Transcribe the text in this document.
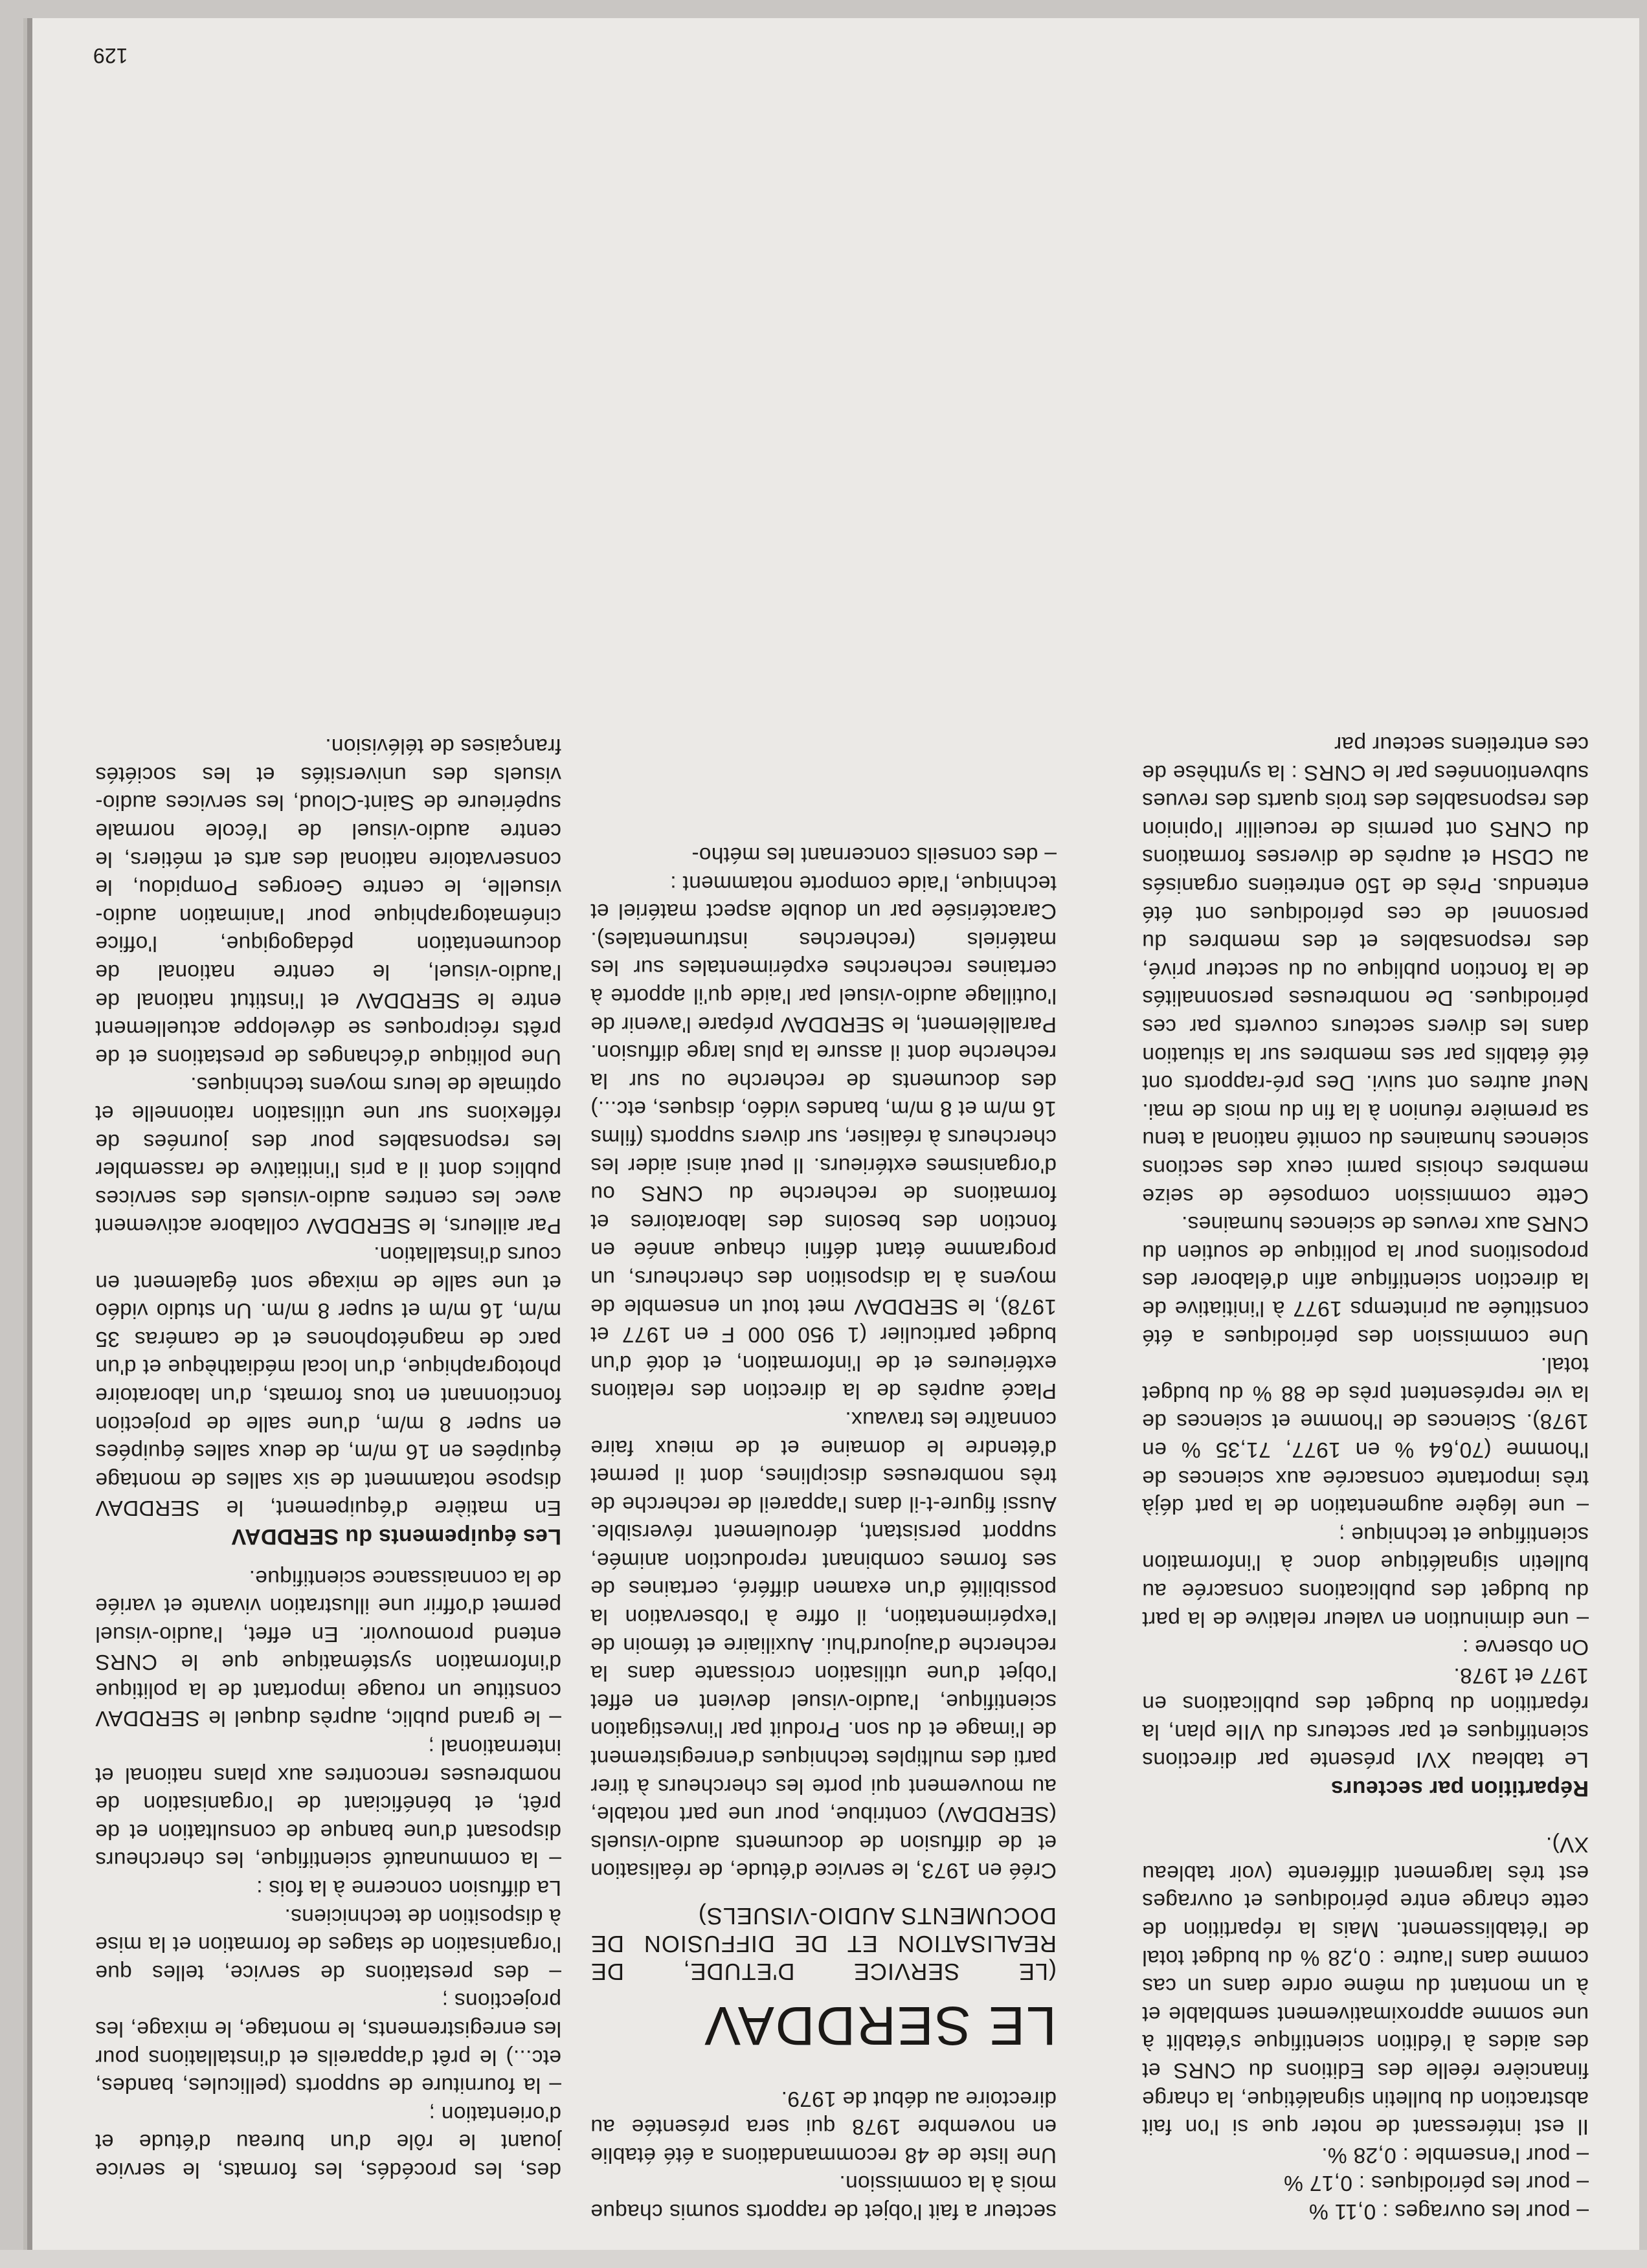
– pour les ouvrages : 0,11 %

– pour les périodiques : 0,17 %

– pour l'ensemble : 0,28 %.

Il est intéressant de noter que si l'on fait abstraction du bulletin signalétique, la charge financière réelle des Editions du CNRS et des aides à l'édition scientifique s'établit à une somme approximativement semblable et à un montant du même ordre dans un cas comme dans l'autre : 0,28 % du budget total de l'établissement. Mais la répartition de cette charge entre périodiques et ouvrages est très largement différente (voir tableau XV).

Répartition par secteurs

Le tableau XVI présente par directions scientifiques et par secteurs du VIIe plan, la répartition du budget des publications en 1977 et 1978.

On observe :

– une diminution en valeur relative de la part du budget des publications consacrée au bulletin signalétique donc à l'information scientifique et technique ;

– une légère augmentation de la part déjà très importante consacrée aux sciences de l'homme (70,64 % en 1977, 71,35 % en 1978). Sciences de l'homme et sciences de la vie représentent près de 88 % du budget total.

Une commission des périodiques a été constituée au printemps 1977 à l'initiative de la direction scientifique afin d'élaborer des propositions pour la politique de soutien du CNRS aux revues de sciences humaines.

Cette commission composée de seize membres choisis parmi ceux des sections sciences humaines du comité national a tenu sa première réunion à la fin du mois de mai. Neuf autres ont suivi. Des pré-rapports ont été établis par ses membres sur la situation dans les divers secteurs couverts par ces périodiques. De nombreuses personnalités de la fonction publique ou du secteur privé, des responsables et des membres du personnel de ces périodiques ont été entendus. Près de 150 entretiens organisés au CDSH et auprès de diverses formations du CNRS ont permis de recueillir l'opinion des responsables des trois quarts des revues subventionnées par le CNRS : la synthèse de ces entretiens secteur par

secteur a fait l'objet de rapports soumis chaque mois à la commission.

Une liste de 48 recommandations a été établie en novembre 1978 qui sera présentée au directoire au début de 1979.

LE SERDDAV

(LE SERVICE D'ETUDE, DE REALISATION ET DE DIFFUSION DE DOCUMENTS AUDIO-VISUELS)

Créé en 1973, le service d'étude, de réalisation et de diffusion de documents audio-visuels (SERDDAV) contribue, pour une part notable, au mouvement qui porte les chercheurs à tirer parti des multiples techniques d'enregistrement de l'image et du son. Produit par l'investigation scientifique, l'audio-visuel devient en effet l'objet d'une utilisation croissante dans la recherche d'aujourd'hui. Auxiliaire et témoin de l'expérimentation, il offre à l'observation la possibilité d'un examen différé, certaines de ses formes combinant reproduction animée, support persistant, déroulement réversible. Aussi figure-t-il dans l'appareil de recherche de très nombreuses disciplines, dont il permet d'étendre le domaine et de mieux faire connaître les travaux.

Placé auprès de la direction des relations extérieures et de l'information, et doté d'un budget particulier (1 950 000 F en 1977 et 1978), le SERDDAV met tout un ensemble de moyens à la disposition des chercheurs, un programme étant défini chaque année en fonction des besoins des laboratoires et formations de recherche du CNRS ou d'organismes extérieurs. Il peut ainsi aider les chercheurs à réaliser, sur divers supports (films 16 m/m et 8 m/m, bandes vidéo, disques, etc...) des documents de recherche ou sur la recherche dont il assure la plus large diffusion. Parallèlement, le SERDDAV prépare l'avenir de l'outillage audio-visuel par l'aide qu'il apporte à certaines recherches expérimentales sur les matériels (recherches instrumentales). Caractérisée par un double aspect matériel et technique, l'aide comporte notamment :

– des conseils concernant les métho-

des, les procédés, les formats, le service jouant le rôle d'un bureau d'étude et d'orientation ;

– la fourniture de supports (pellicules, bandes, etc...) le prêt d'appareils et d'installations pour les enregistrements, le montage, le mixage, les projections ;

– des prestations de service, telles que l'organisation de stages de formation et la mise à disposition de techniciens.

La diffusion concerne à la fois :

– la communauté scientifique, les chercheurs disposant d'une banque de consultation et de prêt, et bénéficiant de l'organisation de nombreuses rencontres aux plans national et international ;

– le grand public, auprès duquel le SERDDAV constitue un rouage important de la politique d'information systématique que le CNRS entend promouvoir. En effet, l'audio-visuel permet d'offrir une illustration vivante et variée de la connaissance scientifique.

Les équipements du SERDDAV

En matière d'équipement, le SERDDAV dispose notamment de six salles de montage équipées en 16 m/m, de deux salles équipées en super 8 m/m, d'une salle de projection fonctionnant en tous formats, d'un laboratoire photographique, d'un local médiathèque et d'un parc de magnétophones et de caméras 35 m/m, 16 m/m et super 8 m/m. Un studio vidéo et une salle de mixage sont également en cours d'installation.

Par ailleurs, le SERDDAV collabore activement avec les centres audio-visuels des services publics dont il a pris l'initiative de rassembler les responsables pour des journées de réflexions sur une utilisation rationnelle et optimale de leurs moyens techniques.

Une politique d'échanges de prestations et de prêts réciproques se développe actuellement entre le SERDDAV et l'institut national de l'audio-visuel, le centre national de documentation pédagogique, l'office cinématographique pour l'animation audio-visuelle, le centre Georges Pompidou, le conservatoire national des arts et métiers, le centre audio-visuel de l'école normale supérieure de Saint-Cloud, les services audio-visuels des universités et les sociétés françaises de télévision.

129
